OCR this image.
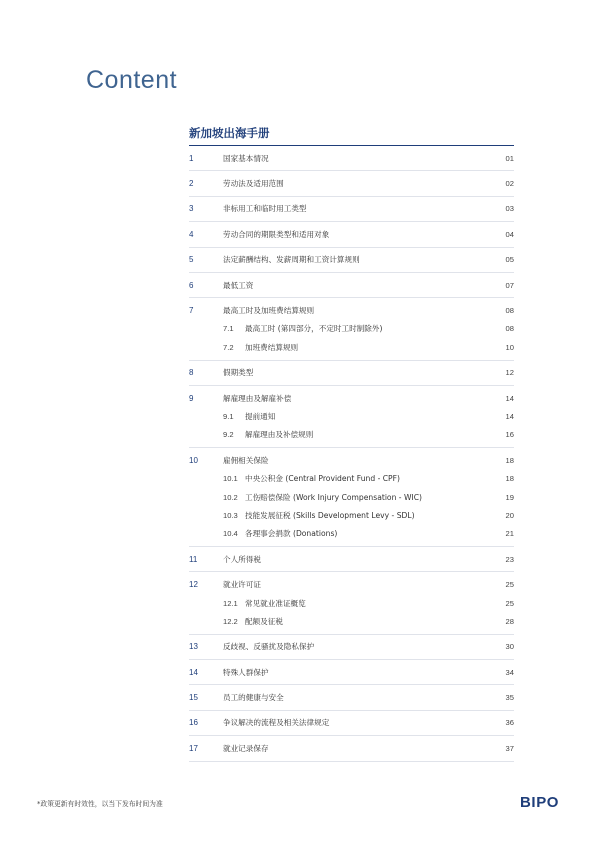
Content
新加坡出海手册
1	国家基本情况	01
2	劳动法及适用范围	02
3	非标用工和临时用工类型	03
4	劳动合同的期限类型和适用对象	04
5	法定薪酬结构、发薪周期和工资计算规则	05
6	最低工资	07
7	最高工时及加班费结算规则	08
7.1	最高工时 (第四部分，不定时工时制除外)	08
7.2	加班费结算规则	10
8	假期类型	12
9	解雇理由及解雇补偿	14
9.1	提前通知	14
9.2	解雇理由及补偿规则	16
10	雇佣相关保险	18
10.1 中央公积金 (Central Provident Fund - CPF)	18
10.2 工伤赔偿保险 (Work Injury Compensation - WIC)	19
10.3 技能发展征税 (Skills Development Levy - SDL)	20
10.4 各理事会捐款 (Donations)	21
11	个人所得税	23
12	就业许可证	25
12.1 常见就业准证概览	25
12.2 配额及征税	28
13	反歧视、反骚扰及隐私保护	30
14	特殊人群保护	34
15	员工的健康与安全	35
16	争议解决的流程及相关法律规定	36
17	就业记录保存	37

*政策更新有时效性，以当下发布时间为准	BIPO
